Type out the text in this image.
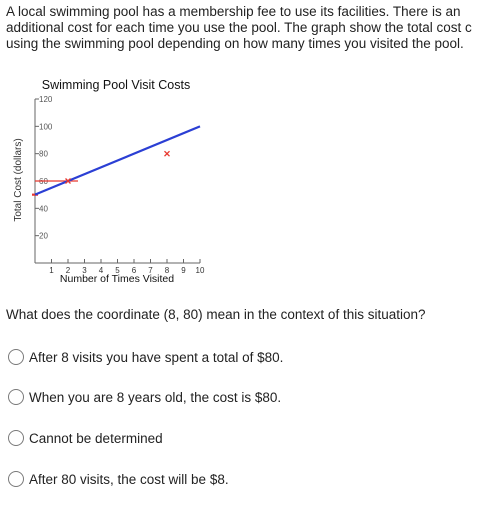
A local swimming pool has a membership fee to use its facilities. There is an
additional cost for each time you use the pool. The graph show the total cost c
using the swimming pool depending on how many times you visited the pool.
Swimming Pool Visit Costs
Total Cost (dollars)
Number of Times Visited
20
40
60
80
100
120
1 2 3 4 5 6 7 8 9 10
What does the coordinate (8, 80) mean in the context of this situation?
After 8 visits you have spent a total of $80.
When you are 8 years old, the cost is $80.
Cannot be determined
After 80 visits, the cost will be $8.
